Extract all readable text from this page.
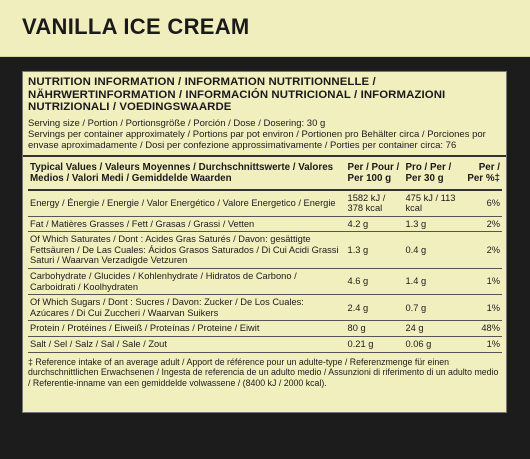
VANILLA ICE CREAM

NUTRITION INFORMATION / INFORMATION NUTRITIONNELLE / NÄHRWERTINFORMATION / INFORMACIÓN NUTRICIONAL / INFORMAZIONI NUTRIZIONALI / VOEDINGSWAARDE

Serving size / Portion / Portionsgröße / Porción / Dose / Dosering: 30 g
Servings per container approximately / Portions par pot environ / Portionen pro Behälter circa / Porciones por envase aproximadamente / Dosi per confezione approssimativamente / Porties per container circa: 76
Typical Values / Valeurs Moyennes / Durchschnittswerte / Valores Medios / Valori Medi / Gemiddelde Waarden	Per / Pour / Per 100 g	Pro / Per / Per 30 g	Per / Per %‡
Energy / Énergie / Energie / Valor Energético / Valore Energetico / Energie	1582 kJ / 378 kcal	475 kJ / 113 kcal	6%
Fat / Matières Grasses / Fett / Grasas / Grassi / Vetten	4.2 g	1.3 g	2%
Of Which Saturates / Dont : Acides Gras Saturés / Davon: gesättigte Fettsäuren / De Las Cuales: Ácidos Grasos Saturados / Di Cui Acidi Grassi Saturi / Waarvan Verzadigde Vetzuren	1.3 g	0.4 g	2%
Carbohydrate / Glucides / Kohlenhydrate / Hidratos de Carbono / Carboidrati / Koolhydraten	4.6 g	1.4 g	1%
Of Which Sugars / Dont : Sucres / Davon: Zucker / De Los Cuales: Azúcares / Di Cui Zuccheri / Waarvan Suikers	2.4 g	0.7 g	1%
Protein / Protéines / Eiweiß / Proteínas / Proteine / Eiwit	80 g	24 g	48%
Salt / Sel / Salz / Sal / Sale / Zout	0.21 g	0.06 g	1%
‡ Reference intake of an average adult / Apport de référence pour un adulte-type / Referenzmenge für einen durchschnittlichen Erwachsenen / Ingesta de referencia de un adulto medio / Assunzioni di riferimento di un adulto medio / Referentie-inname van een gemiddelde volwassene / (8400 kJ / 2000 kcal).
